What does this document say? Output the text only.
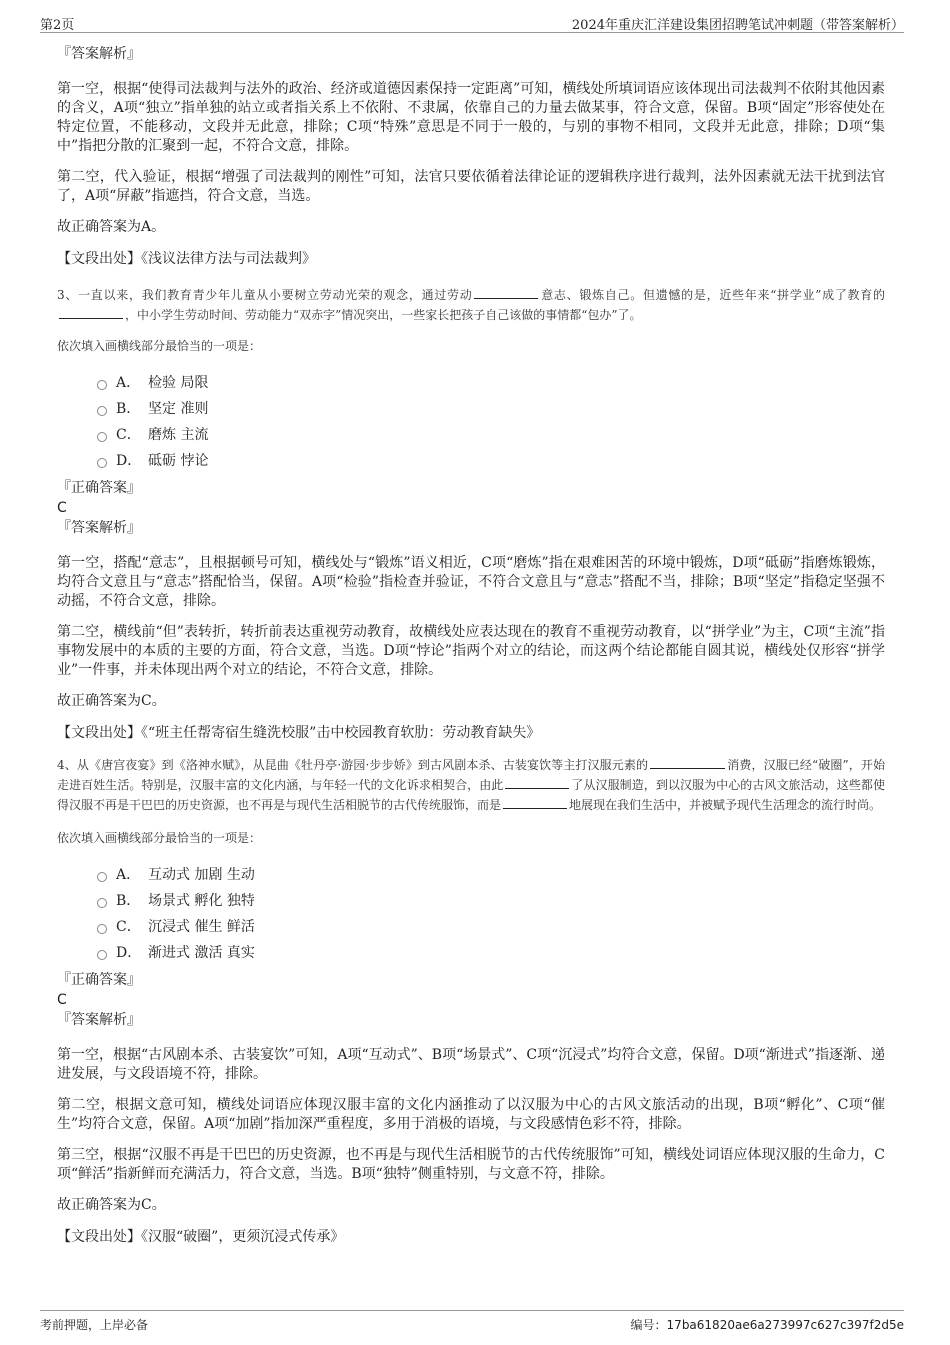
第2页	2024年重庆汇洋建设集团招聘笔试冲刺题（带答案解析）

『答案解析』

第一空，根据“使得司法裁判与法外的政治、经济或道德因素保持一定距离”可知，横线处所填词语应该体现出司法裁判不依附其他因素的含义，A项“独立”指单独的站立或者指关系上不依附、不隶属，依靠自己的力量去做某事，符合文意，保留。B项“固定”形容使处在特定位置，不能移动，文段并无此意，排除；C项“特殊”意思是不同于一般的，与别的事物不相同，文段并无此意，排除；D项“集中”指把分散的汇聚到一起，不符合文意，排除。

第二空，代入验证，根据“增强了司法裁判的刚性”可知，法官只要依循着法律论证的逻辑秩序进行裁判，法外因素就无法干扰到法官了，A项“屏蔽”指遮挡，符合文意，当选。

故正确答案为A。

【文段出处】《浅议法律方法与司法裁判》

3、一直以来，我们教育青少年儿童从小要树立劳动光荣的观念，通过劳动	意志、锻炼自己。但遗憾的是，近些年来“拼学业”成了教育的，中小学生劳动时间、劳动能力“双赤字”情况突出，一些家长把孩子自己该做的事情都“包办”了。

依次填入画横线部分最恰当的一项是：

A． 检验 局限
B． 坚定 准则
C． 磨炼 主流
D． 砥砺 悖论

『正确答案』

C

『答案解析』

第一空，搭配“意志”，且根据顿号可知，横线处与“锻炼”语义相近，C项“磨炼”指在艰难困苦的环境中锻炼，D项“砥砺”指磨炼锻炼，均符合文意且与“意志”搭配恰当，保留。A项“检验”指检查并验证，不符合文意且与“意志”搭配不当，排除；B项“坚定”指稳定坚强不动摇，不符合文意，排除。

第二空，横线前“但”表转折，转折前表达重视劳动教育，故横线处应表达现在的教育不重视劳动教育，以“拼学业”为主，C项“主流”指事物发展中的本质的主要的方面，符合文意，当选。D项“悖论”指两个对立的结论，而这两个结论都能自圆其说，横线处仅形容“拼学业”一件事，并未体现出两个对立的结论，不符合文意，排除。

故正确答案为C。

【文段出处】《“班主任帮寄宿生缝洗校服”击中校园教育软肋：劳动教育缺失》

4、从《唐宫夜宴》到《洛神水赋》，从昆曲《牡丹亭·游园·步步娇》到古风剧本杀、古装宴饮等主打汉服元素的	消费，汉服已经“破圈”，开始走进百姓生活。特别是，汉服丰富的文化内涵，与年轻一代的文化诉求相契合，由此	了从汉服制造，到以汉服为中心的古风文旅活动，这些都使得汉服不再是干巴巴的历史资源，也不再是与现代生活相脱节的古代传统服饰，而是	地展现在我们生活中，并被赋予现代生活理念的流行时尚。

依次填入画横线部分最恰当的一项是：

A． 互动式 加剧 生动
B． 场景式 孵化 独特
C． 沉浸式 催生 鲜活
D． 渐进式 激活 真实

『正确答案』

C

『答案解析』

第一空，根据“古风剧本杀、古装宴饮”可知，A项“互动式”、B项“场景式”、C项“沉浸式”均符合文意，保留。D项“渐进式”指逐渐、递进发展，与文段语境不符，排除。

第二空，根据文意可知，横线处词语应体现汉服丰富的文化内涵推动了以汉服为中心的古风文旅活动的出现，B项“孵化”、C项“催生”均符合文意，保留。A项“加剧”指加深严重程度，多用于消极的语境，与文段感情色彩不符，排除。

第三空，根据“汉服不再是干巴巴的历史资源，也不再是与现代生活相脱节的古代传统服饰”可知，横线处词语应体现汉服的生命力，C项“鲜活”指新鲜而充满活力，符合文意，当选。B项“独特”侧重特别，与文意不符，排除。

故正确答案为C。

【文段出处】《汉服“破圈”，更须沉浸式传承》

考前押题，上岸必备	编号：17ba61820ae6a273997c627c397f2d5e
